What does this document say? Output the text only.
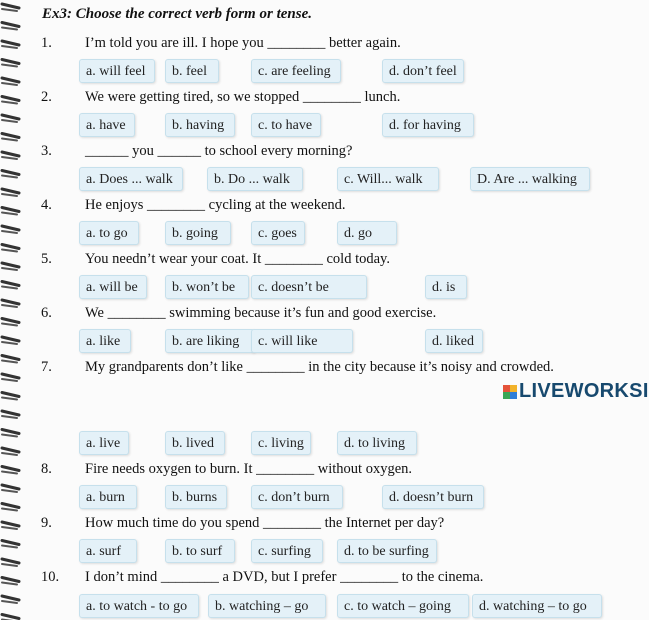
Ex3: Choose the correct verb form or tense.
1. I’m told you are ill. I hope you ________ better again.
a. will feel	b. feel	c. are feeling	d. don’t feel
2. We were getting tired, so we stopped ________ lunch.
a. have	b. having	c. to have	d. for having
3. ______ you ______ to school every morning?
a. Does ... walk	b. Do ... walk	c. Will... walk	D. Are ... walking
4. He enjoys ________ cycling at the weekend.
a. to go	b. going	c. goes	d. go
5. You needn’t wear your coat. It ________ cold today.
a. will be	b. won’t be	c. doesn’t be	d. is
6. We ________ swimming because it’s fun and good exercise.
a. like	b. are liking	c. will like	d. liked
7. My grandparents don’t like ________ in the city because it’s noisy and crowded.
a. live	b. lived	c. living	d. to living
8. Fire needs oxygen to burn. It ________ without oxygen.
a. burn	b. burns	c. don’t burn	d. doesn’t burn
9. How much time do you spend ________ the Internet per day?
a. surf	b. to surf	c. surfing	d. to be surfing
10. I don’t mind ________ a DVD, but I prefer ________ to the cinema.
a. to watch - to go	b. watching – go	c. to watch – going	d. watching – to go
LIVEWORKSI
